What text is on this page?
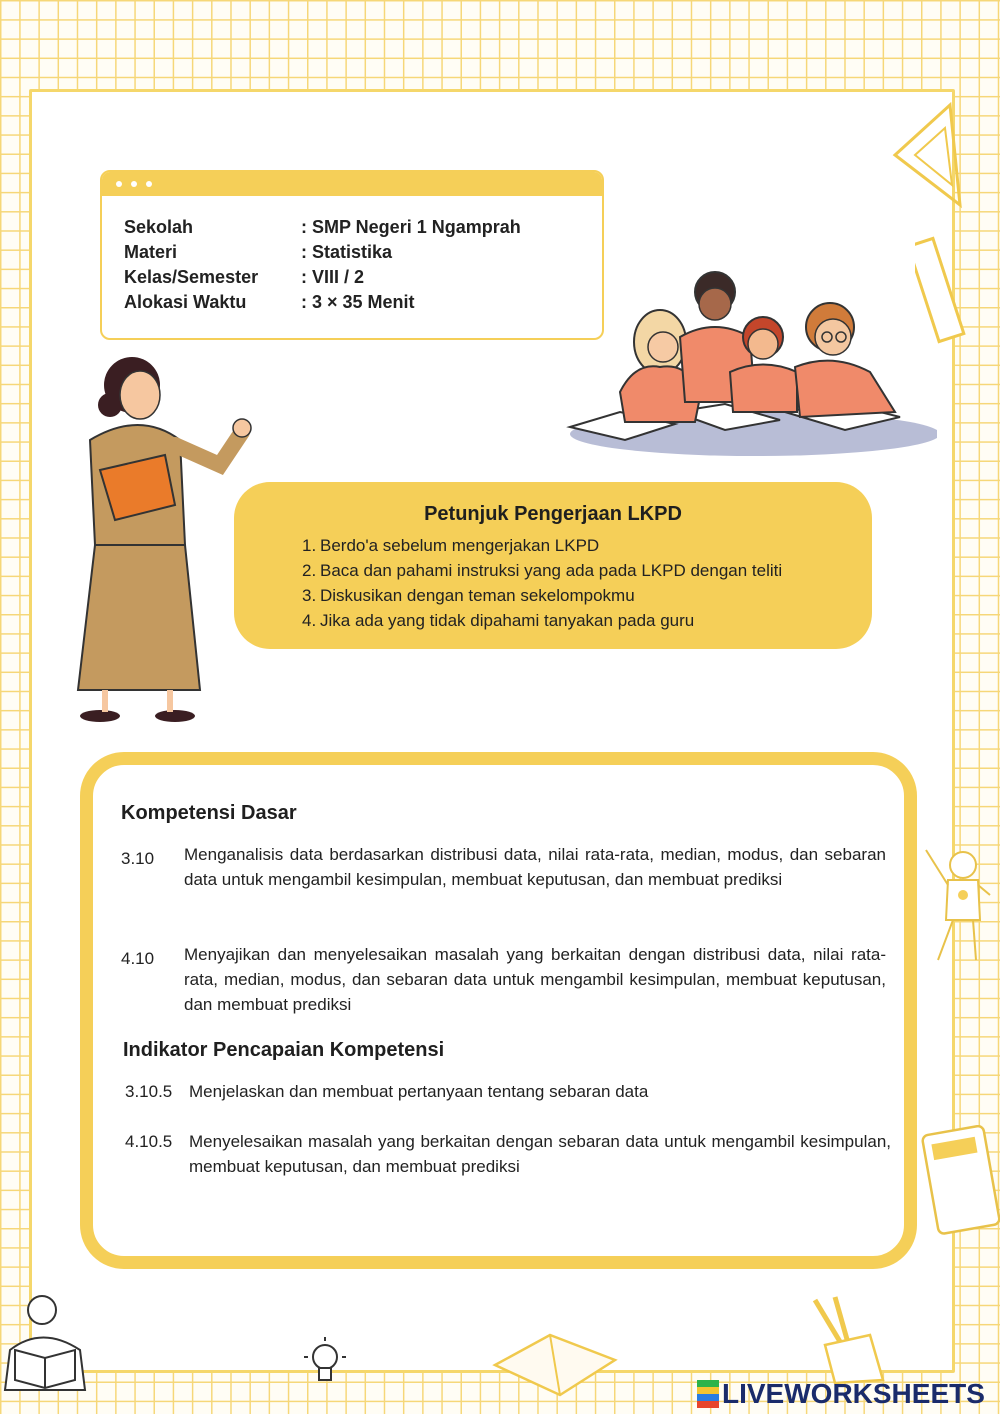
Sekolah	: SMP Negeri 1 Ngamprah
Materi	: Statistika
Kelas/Semester : VIII / 2
Alokasi Waktu	: 3 × 35 Menit
Petunjuk Pengerjaan LKPD
1. Berdo'a sebelum mengerjakan LKPD
2. Baca dan pahami instruksi yang ada pada LKPD dengan teliti
3. Diskusikan dengan teman sekelompokmu
4. Jika ada yang tidak dipahami tanyakan pada guru
Kompetensi Dasar
3.10 Menganalisis data berdasarkan distribusi data, nilai rata-rata, median, modus, dan sebaran data untuk mengambil kesimpulan, membuat keputusan, dan membuat prediksi
4.10 Menyajikan dan menyelesaikan masalah yang berkaitan dengan distribusi data, nilai rata-rata, median, modus, dan sebaran data untuk mengambil kesimpulan, membuat keputusan, dan membuat prediksi
Indikator Pencapaian Kompetensi
3.10.5 Menjelaskan dan membuat pertanyaan tentang sebaran data
4.10.5 Menyelesaikan masalah yang berkaitan dengan sebaran data untuk mengambil kesimpulan, membuat keputusan, dan membuat prediksi
LIVEWORKSHEETS
